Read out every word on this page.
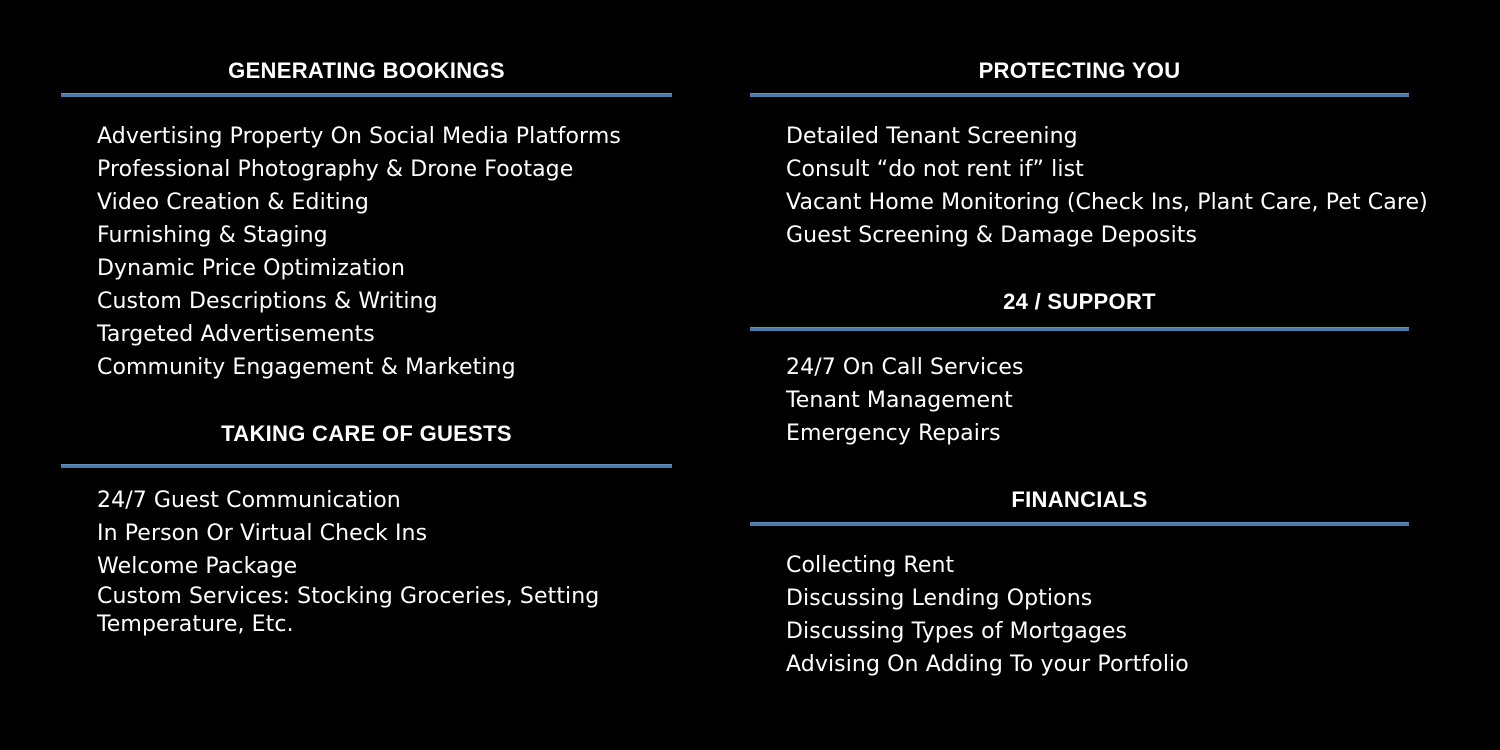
GENERATING BOOKINGS
Advertising Property On Social Media Platforms
Professional Photography & Drone Footage
Video Creation & Editing
Furnishing & Staging
Dynamic Price Optimization
Custom Descriptions & Writing
Targeted Advertisements
Community Engagement & Marketing
TAKING CARE OF GUESTS
24/7 Guest Communication
In Person Or Virtual Check Ins
Welcome Package
Custom Services: Stocking Groceries, Setting Temperature, Etc.
PROTECTING YOU
Detailed Tenant Screening
Consult “do not rent if” list
Vacant Home Monitoring (Check Ins, Plant Care, Pet Care)
Guest Screening & Damage Deposits
24 / SUPPORT
24/7 On Call Services
Tenant Management
Emergency Repairs
FINANCIALS
Collecting Rent
Discussing Lending Options
Discussing Types of Mortgages
Advising On Adding To your Portfolio
